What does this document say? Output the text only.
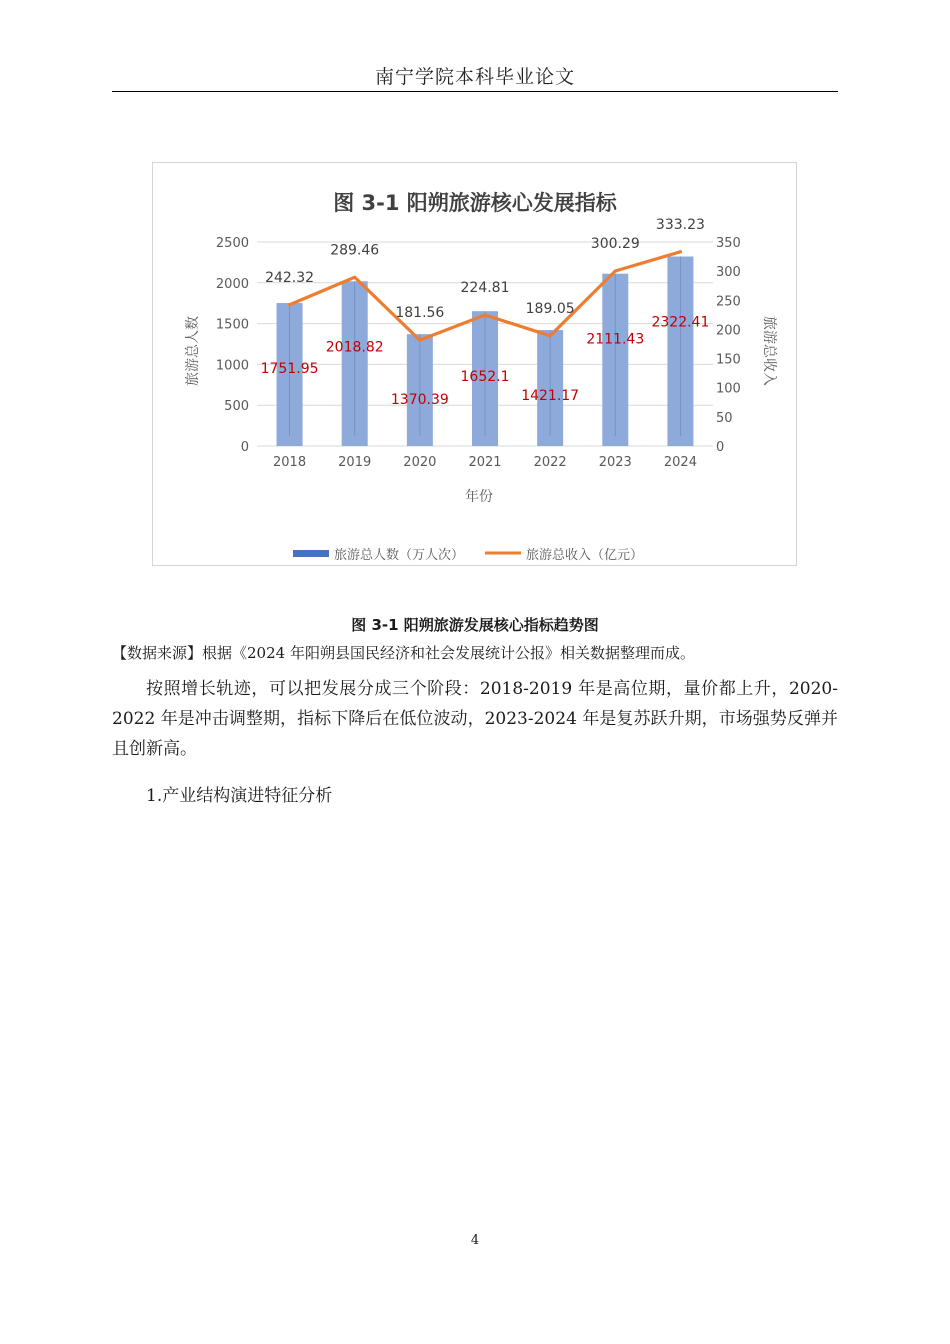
南宁学院本科毕业论文
图 3-1 阳朔旅游核心发展指标
0
500
1000
1500
2000
2500
0
50
100
150
200
250
300
350
2018 2019 2020 2021 2022 2023 2024
1751.95
2018.82
1370.39
1652.1
1421.17
2111.43
2322.41
242.32
289.46
181.56
224.81
189.05
300.29
333.23
年份
旅游总人数	旅游总收入
旅游总人数（万人次）	旅游总收入（亿元）
图 3-1 阳朔旅游发展核心指标趋势图
【数据来源】根据《2024 年阳朔县国民经济和社会发展统计公报》相关数据整理而成。
按照增长轨迹，可以把发展分成三个阶段：2018-2019 年是高位期，量价都上升，2020-2022 年是冲击调整期，指标下降后在低位波动，2023-2024 年是复苏跃升期，市场强势反弹并且创新高。
1.产业结构演进特征分析
4
